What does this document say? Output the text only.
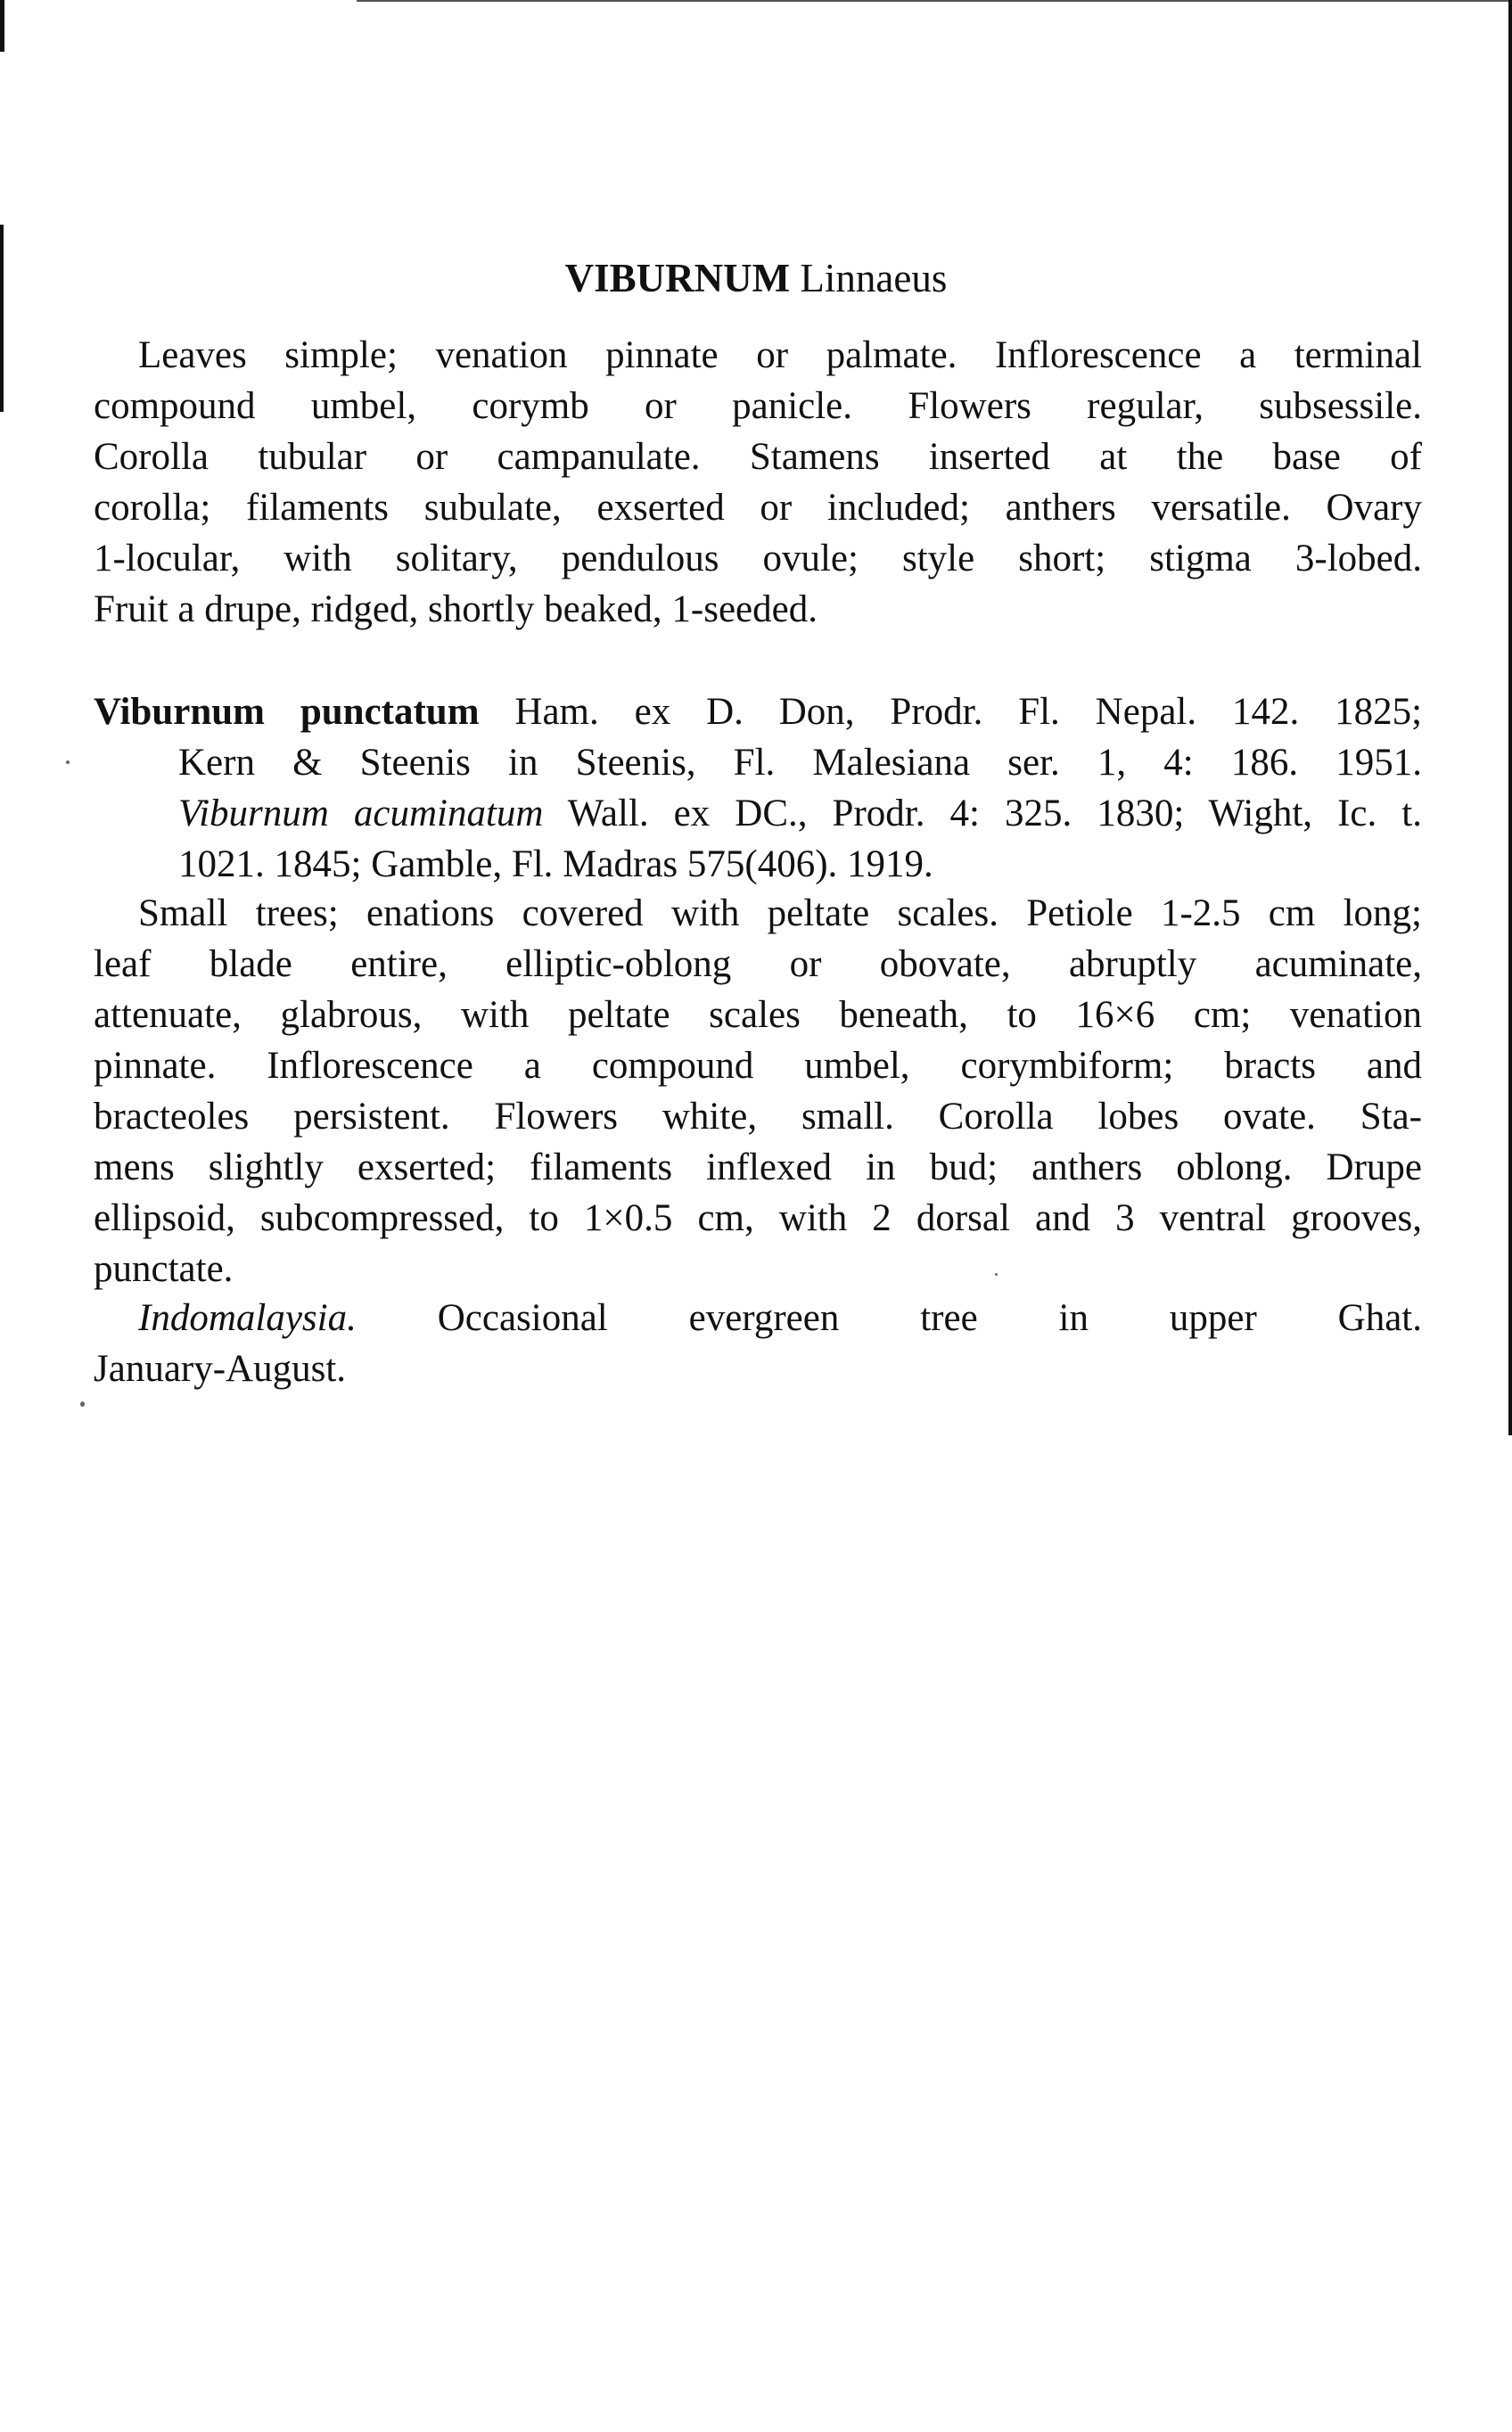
VIBURNUM Linnaeus
Leaves simple; venation pinnate or palmate. Inflorescence a terminal
compound umbel, corymb or panicle. Flowers regular, subsessile.
Corolla tubular or campanulate. Stamens inserted at the base of
corolla; filaments subulate, exserted or included; anthers versatile. Ovary
1-locular, with solitary, pendulous ovule; style short; stigma 3-lobed.
Fruit a drupe, ridged, shortly beaked, 1-seeded.
Viburnum punctatum Ham. ex D. Don, Prodr. Fl. Nepal. 142. 1825;
Kern & Steenis in Steenis, Fl. Malesiana ser. 1, 4: 186. 1951.
Viburnum acuminatum Wall. ex DC., Prodr. 4: 325. 1830; Wight, Ic. t.
1021. 1845; Gamble, Fl. Madras 575(406). 1919.
Small trees; enations covered with peltate scales. Petiole 1-2.5 cm long;
leaf blade entire, elliptic-oblong or obovate, abruptly acuminate,
attenuate, glabrous, with peltate scales beneath, to 16×6 cm; venation
pinnate. Inflorescence a compound umbel, corymbiform; bracts and
bracteoles persistent. Flowers white, small. Corolla lobes ovate. Sta-
mens slightly exserted; filaments inflexed in bud; anthers oblong. Drupe
ellipsoid, subcompressed, to 1×0.5 cm, with 2 dorsal and 3 ventral grooves,
punctate.
Indomalaysia. Occasional evergreen tree in upper Ghat.
January-August.
